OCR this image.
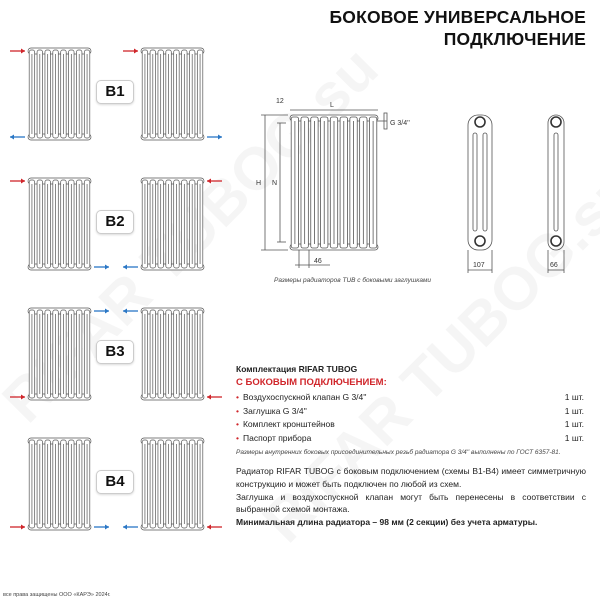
БОКОВОЕ УНИВЕРСАЛЬНОЕ
ПОДКЛЮЧЕНИЕ
B1
B2
B3
B4
12
L
G 3/4''
H N
46
107	66
Размеры радиаторов TUB с боковыми заглушками
Комплектация RIFAR TUBOG
С БОКОВЫМ ПОДКЛЮЧЕНИЕМ:
• Воздухоспускной клапан G 3/4''	1 шт.
• Заглушка G 3/4''	1 шт.
• Комплект кронштейнов	1 шт.
• Паспорт прибора	1 шт.
Размеры внутренних боковых присоединительных резьб радиатора G 3/4'' выполнены по ГОСТ 6357-81.
Радиатор RIFAR TUBOG с боковым подключением (схемы В1-В4) имеет симметричную конструкцию и может быть подключен по любой из схем.
Заглушка и воздухоспускной клапан могут быть перенесены в соответствии с выбранной схемой монтажа.
Минимальная длина радиатора – 98 мм (2 секции) без учета арматуры.
все права защищены ООО «КАРЭ» 2024г.
